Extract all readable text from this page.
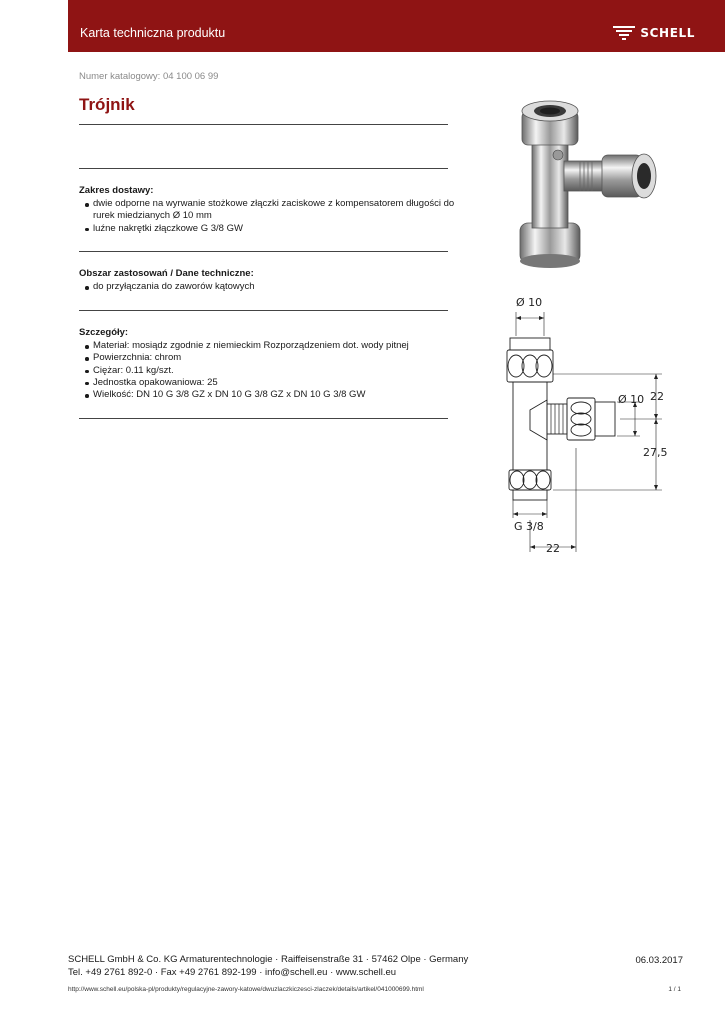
Karta techniczna produktu	SCHELL
Numer katalogowy: 04 100 06 99
Trójnik
Zakres dostawy:
dwie odporne na wyrwanie stożkowe złączki zaciskowe z kompensatorem długości do
rurek miedzianych Ø 10 mm
luźne nakrętki złączkowe G 3/8 GW
Obszar zastosowań / Dane techniczne:
do przyłączania do zaworów kątowych
Szczegóły:
Materiał: mosiądz zgodnie z niemieckim Rozporządzeniem dot. wody pitnej
Powierzchnia: chrom
Ciężar: 0.11 kg/szt.
Jednostka opakowaniowa: 25
Wielkość: DN 10 G 3/8 GZ x DN 10 G 3/8 GZ x DN 10 G 3/8 GW
Ø 10
Ø 10 22
27,5
G 3/8
22
SCHELL GmbH & Co. KG Armaturentechnologie · Raiffeisenstraße 31 · 57462 Olpe · Germany
Tel. +49 2761 892-0 · Fax +49 2761 892-199 · info@schell.eu · www.schell.eu
06.03.2017
http://www.schell.eu/polska-pl/produkty/regulacyjne-zawory-katowe/dwuzlaczkiczesci-zlaczek/details/artikel/041000699.html	1 / 1
